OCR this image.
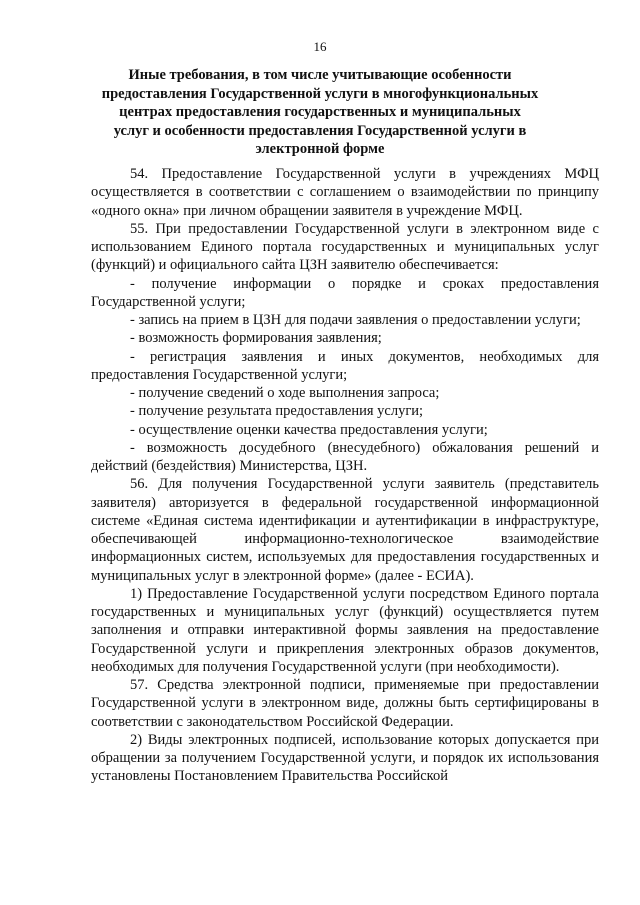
16
Иные требования, в том числе учитывающие особенности предоставления Государственной услуги в многофункциональных центрах предоставления государственных и муниципальных услуг и особенности предоставления Государственной услуги в электронной форме

54. Предоставление Государственной услуги в учреждениях МФЦ осуществляется в соответствии с соглашением о взаимодействии по принципу «одного окна» при личном обращении заявителя в учреждение МФЦ.

55. При предоставлении Государственной услуги в электронном виде с использованием Единого портала государственных и муниципальных услуг (функций) и официального сайта ЦЗН заявителю обеспечивается:

- получение информации о порядке и сроках предоставления Государственной услуги;

- запись на прием в ЦЗН для подачи заявления о предоставлении услуги;

- возможность формирования заявления;

- регистрация заявления и иных документов, необходимых для предоставления Государственной услуги;

- получение сведений о ходе выполнения запроса;

- получение результата предоставления услуги;

- осуществление оценки качества предоставления услуги;

- возможность досудебного (внесудебного) обжалования решений и действий (бездействия) Министерства, ЦЗН.

56. Для получения Государственной услуги заявитель (представитель заявителя) авторизуется в федеральной государственной информационной системе «Единая система идентификации и аутентификации в инфраструктуре, обеспечивающей информационно-технологическое взаимодействие информационных систем, используемых для предоставления государственных и муниципальных услуг в электронной форме» (далее - ЕСИА).

1) Предоставление Государственной услуги посредством Единого портала государственных и муниципальных услуг (функций) осуществляется путем заполнения и отправки интерактивной формы заявления на предоставление Государственной услуги и прикрепления электронных образов документов, необходимых для получения Государственной услуги (при необходимости).

57. Средства электронной подписи, применяемые при предоставлении Государственной услуги в электронном виде, должны быть сертифицированы в соответствии с законодательством Российской Федерации.

2) Виды электронных подписей, использование которых допускается при обращении за получением Государственной услуги, и порядок их использования установлены Постановлением Правительства Российской
